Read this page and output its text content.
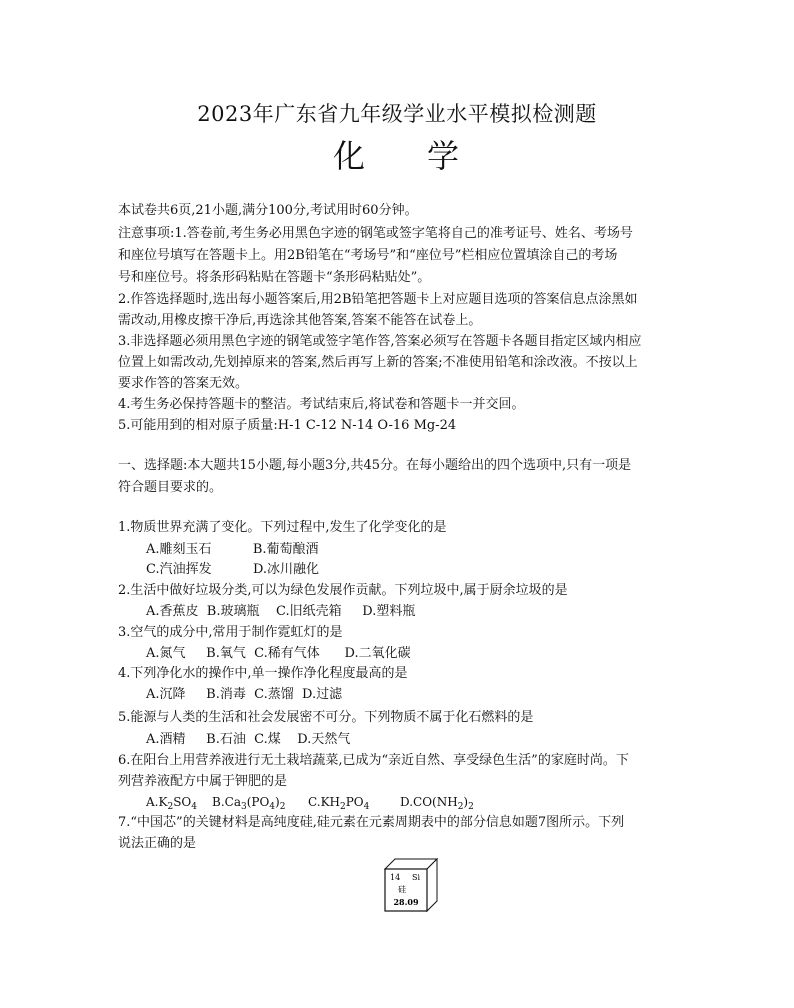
2023年广东省九年级学业水平模拟检测题
化 学
本试卷共6页,21小题,满分100分,考试用时60分钟。
注意事项:1.答卷前,考生务必用黑色字迹的钢笔或签字笔将自己的准考证号、姓名、考场号
和座位号填写在答题卡上。用2B铅笔在“考场号”和“座位号”栏相应位置填涂自己的考场
号和座位号。将条形码粘贴在答题卡“条形码粘贴处”。
2.作答选择题时,选出每小题答案后,用2B铅笔把答题卡上对应题目选项的答案信息点涂黑如
需改动,用橡皮擦干净后,再选涂其他答案,答案不能答在试卷上。
3.非选择题必须用黑色字迹的钢笔或签字笔作答,答案必须写在答题卡各题目指定区域内相应
位置上如需改动,先划掉原来的答案,然后再写上新的答案;不准使用铅笔和涂改液。不按以上
要求作答的答案无效。
4.考生务必保持答题卡的整洁。考试结束后,将试卷和答题卡一并交回。
5.可能用到的相对原子质量:H-1 C-12 N-14 O-16 Mg-24
一、选择题:本大题共15小题,每小题3分,共45分。在每小题给出的四个选项中,只有一项是
符合题目要求的。
1.物质世界充满了变化。下列过程中,发生了化学变化的是
A.雕刻玉石          B.葡萄酿酒
C.汽油挥发          D.冰川融化
2.生活中做好垃圾分类,可以为绿色发展作贡献。下列垃圾中,属于厨余垃圾的是
A.香蕉皮  B.玻璃瓶    C.旧纸壳箱     D.塑料瓶
3.空气的成分中,常用于制作霓虹灯的是
A.氮气     B.氧气  C.稀有气体      D.二氧化碳
4.下列净化水的操作中,单一操作净化程度最高的是
A.沉降     B.消毒  C.蒸馏  D.过滤
5.能源与人类的生活和社会发展密不可分。下列物质不属于化石燃料的是
A.酒精     B.石油  C.煤    D.天然气
6.在阳台上用营养液进行无土栽培蔬菜,已成为“亲近自然、享受绿色生活”的家庭时尚。下
列营养液配方中属于钾肥的是
$A.K_2SO_4$ $B.Ca_3(PO_4)_2$ $C.KH_2PO_4$	$D.CO(NH_2)_2$
7.“中国芯”的关键材料是高纯度硅,硅元素在元素周期表中的部分信息如题7图所示。下列
说法正确的是
14 Si
硅
28.09
